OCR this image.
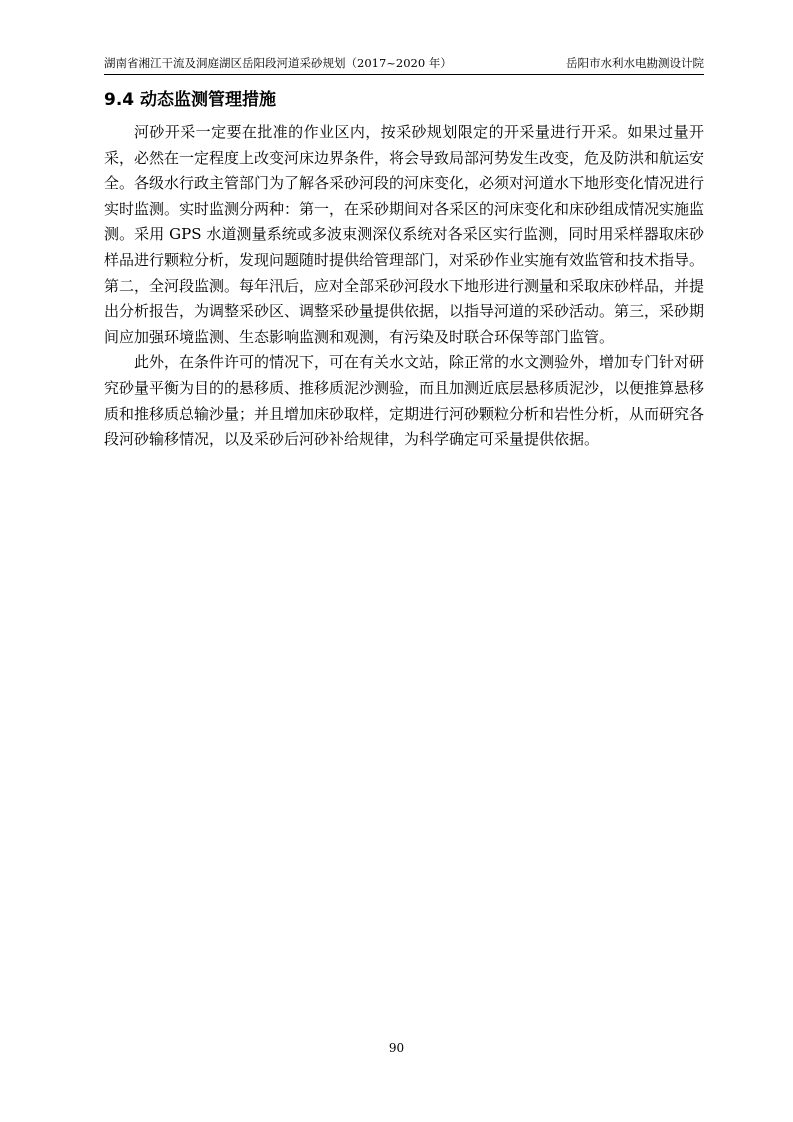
湖南省湘江干流及洞庭湖区岳阳段河道采砂规划（2017~2020 年）	岳阳市水利水电勘测设计院
9.4 动态监测管理措施

河砂开采一定要在批准的作业区内，按采砂规划限定的开采量进行开采。如果过量开采，必然在一定程度上改变河床边界条件，将会导致局部河势发生改变，危及防洪和航运安全。各级水行政主管部门为了解各采砂河段的河床变化，必须对河道水下地形变化情况进行实时监测。实时监测分两种：第一，在采砂期间对各采区的河床变化和床砂组成情况实施监测。采用 GPS 水道测量系统或多波束测深仪系统对各采区实行监测，同时用采样器取床砂样品进行颗粒分析，发现问题随时提供给管理部门，对采砂作业实施有效监管和技术指导。第二，全河段监测。每年汛后，应对全部采砂河段水下地形进行测量和采取床砂样品，并提出分析报告，为调整采砂区、调整采砂量提供依据，以指导河道的采砂活动。第三，采砂期间应加强环境监测、生态影响监测和观测，有污染及时联合环保等部门监管。

此外，在条件许可的情况下，可在有关水文站，除正常的水文测验外，增加专门针对研究砂量平衡为目的的悬移质、推移质泥沙测验，而且加测近底层悬移质泥沙，以便推算悬移质和推移质总输沙量；并且增加床砂取样，定期进行河砂颗粒分析和岩性分析，从而研究各段河砂输移情况，以及采砂后河砂补给规律，为科学确定可采量提供依据。

90
